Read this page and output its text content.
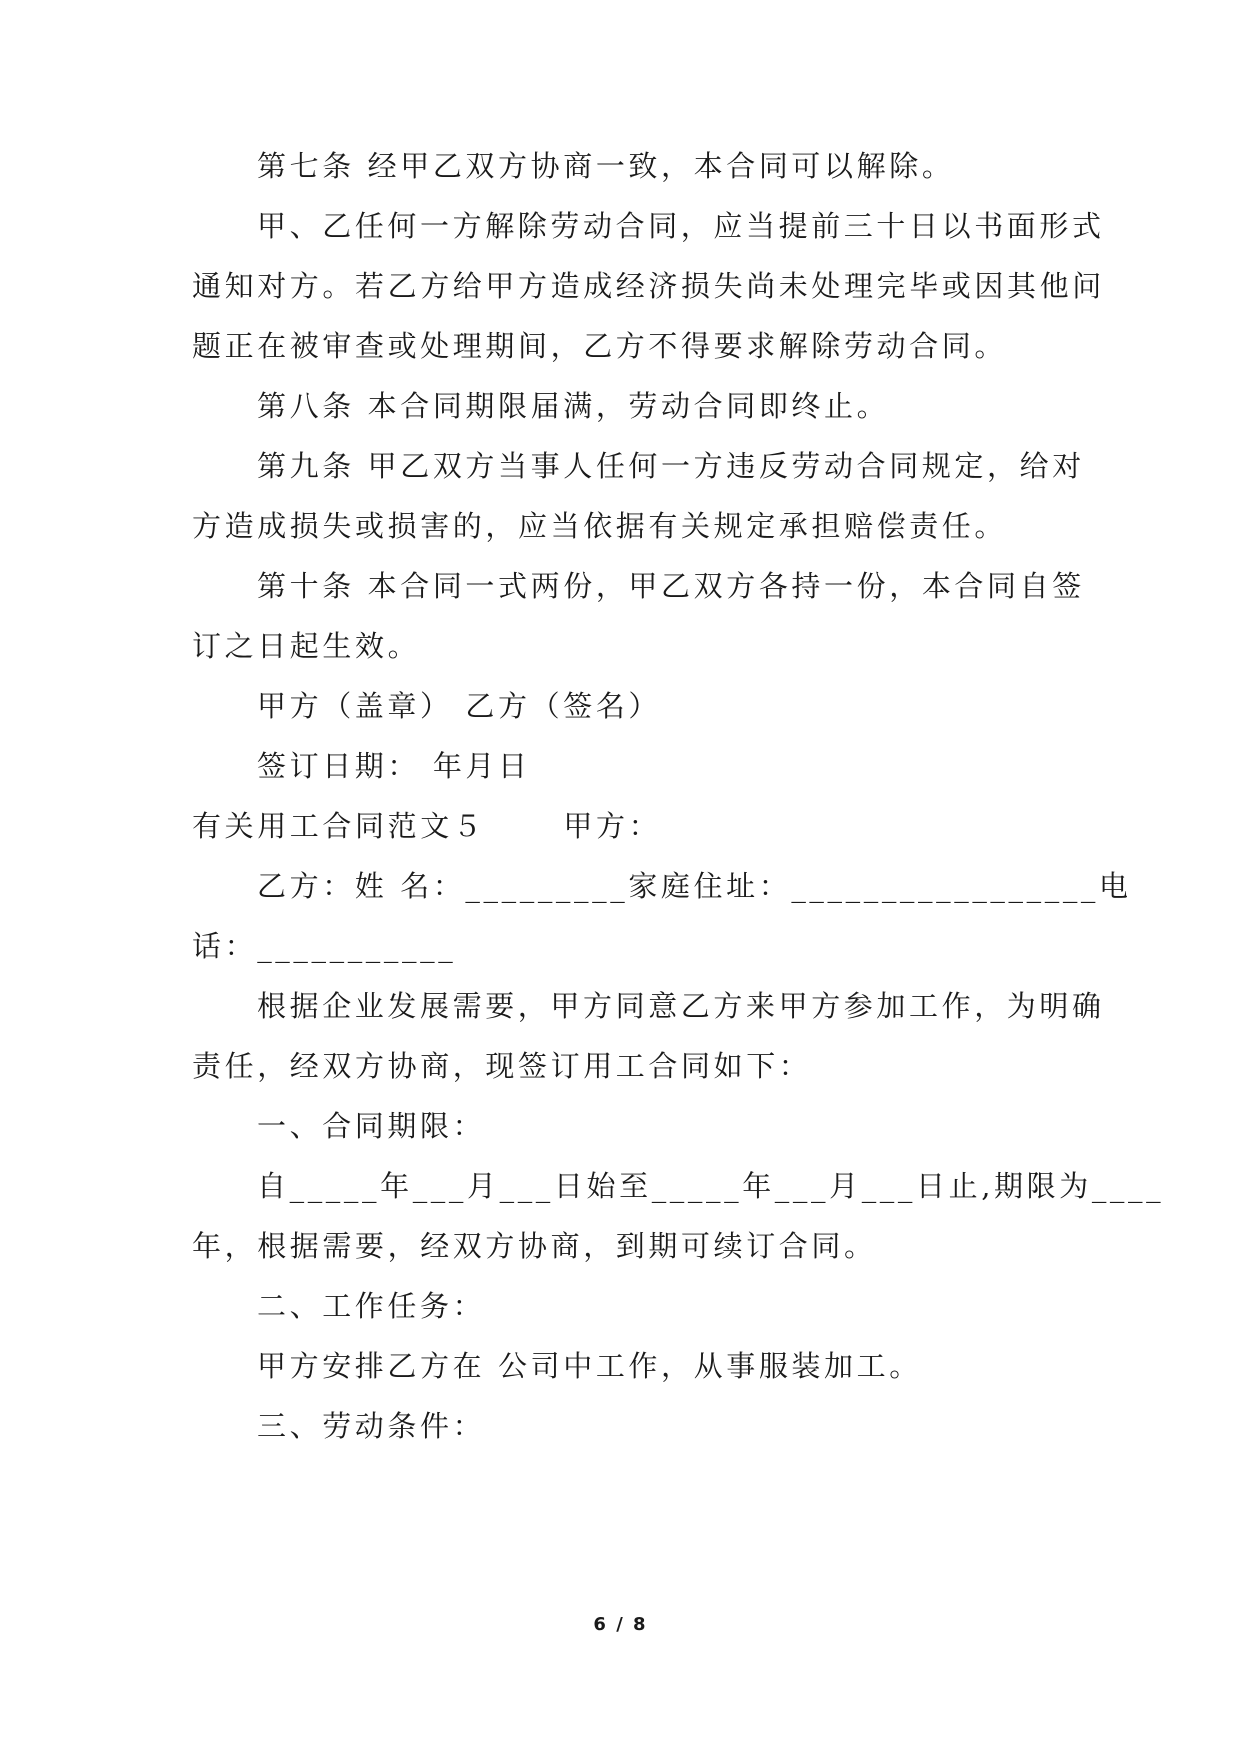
第七条 经甲乙双方协商一致，本合同可以解除。
甲、乙任何一方解除劳动合同，应当提前三十日以书面形式
通知对方。若乙方给甲方造成经济损失尚未处理完毕或因其他问
题正在被审查或处理期间，乙方不得要求解除劳动合同。
第八条 本合同期限届满，劳动合同即终止。
第九条 甲乙双方当事人任何一方违反劳动合同规定，给对
方造成损失或损害的，应当依据有关规定承担赔偿责任。
第十条 本合同一式两份，甲乙双方各持一份，本合同自签
订之日起生效。
甲方（盖章） 乙方（签名）
签订日期： 年月日
有关用工合同范文５　　 甲方：
乙方：姓 名：_________家庭住址：_________________电
话：___________
根据企业发展需要，甲方同意乙方来甲方参加工作，为明确
责任，经双方协商，现签订用工合同如下：
一、合同期限：
自_____年___月___日始至_____年___月___日止,期限为____
年，根据需要，经双方协商，到期可续订合同。
二、工作任务：
甲方安排乙方在 公司中工作，从事服装加工。
三、劳动条件：
6 / 8
